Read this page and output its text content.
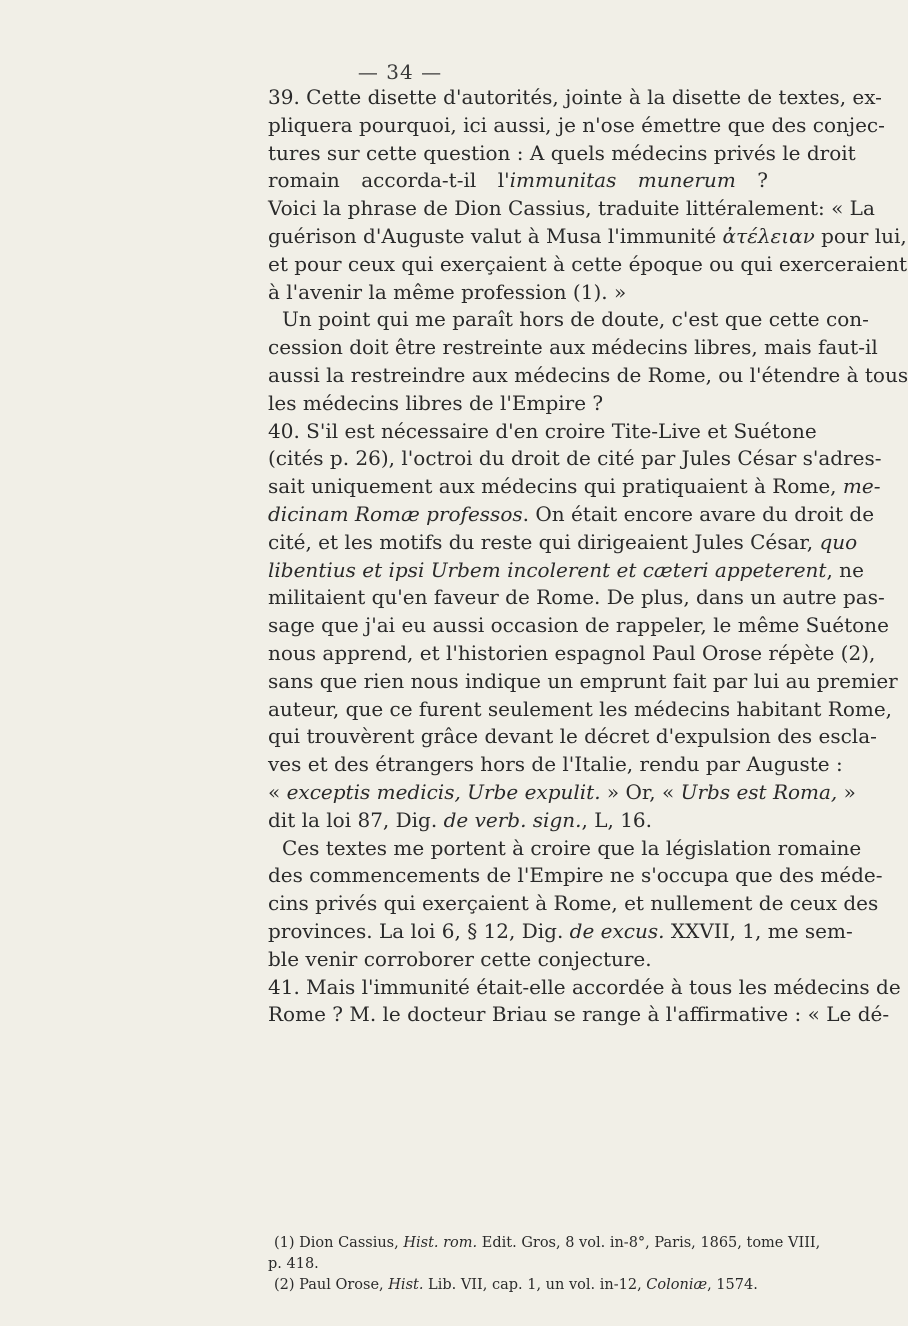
— 34 —
39. Cette disette d'autorités, jointe à la disette de textes, ex-
pliquera pourquoi, ici aussi, je n'ose émettre que des conjec-
tures sur cette question : A quels médecins privés le droit
romain accorda-t-il l'immunitas munerum ?
Voici la phrase de Dion Cassius, traduite littéralement: « La
guérison d'Auguste valut à Musa l'immunité ἀτέλειαν pour lui,
et pour ceux qui exerçaient à cette époque ou qui exerceraient
à l'avenir la même profession (1). »
Un point qui me paraît hors de doute, c'est que cette con-
cession doit être restreinte aux médecins libres, mais faut-il
aussi la restreindre aux médecins de Rome, ou l'étendre à tous
les médecins libres de l'Empire ?
40. S'il est nécessaire d'en croire Tite-Live et Suétone
(cités p. 26), l'octroi du droit de cité par Jules César s'adres-
sait uniquement aux médecins qui pratiquaient à Rome, me-
dicinam Romæ professos. On était encore avare du droit de
cité, et les motifs du reste qui dirigeaient Jules César, quo
libentius et ipsi Urbem incolerent et cæteri appeterent, ne
militaient qu'en faveur de Rome. De plus, dans un autre pas-
sage que j'ai eu aussi occasion de rappeler, le même Suétone
nous apprend, et l'historien espagnol Paul Orose répète (2),
sans que rien nous indique un emprunt fait par lui au premier
auteur, que ce furent seulement les médecins habitant Rome,
qui trouvèrent grâce devant le décret d'expulsion des escla-
ves et des étrangers hors de l'Italie, rendu par Auguste :
« exceptis medicis, Urbe expulit. » Or, « Urbs est Roma, »
dit la loi 87, Dig. de verb. sign., L, 16.
Ces textes me portent à croire que la législation romaine
des commencements de l'Empire ne s'occupa que des méde-
cins privés qui exerçaient à Rome, et nullement de ceux des
provinces. La loi 6, § 12, Dig. de excus. XXVII, 1, me sem-
ble venir corroborer cette conjecture.
41. Mais l'immunité était-elle accordée à tous les médecins de
Rome ? M. le docteur Briau se range à l'affirmative : « Le dé-
(1) Dion Cassius, Hist. rom. Edit. Gros, 8 vol. in-8°, Paris, 1865, tome VIII,
p. 418.
(2) Paul Orose, Hist. Lib. VII, cap. 1, un vol. in-12, Coloniæ, 1574.
